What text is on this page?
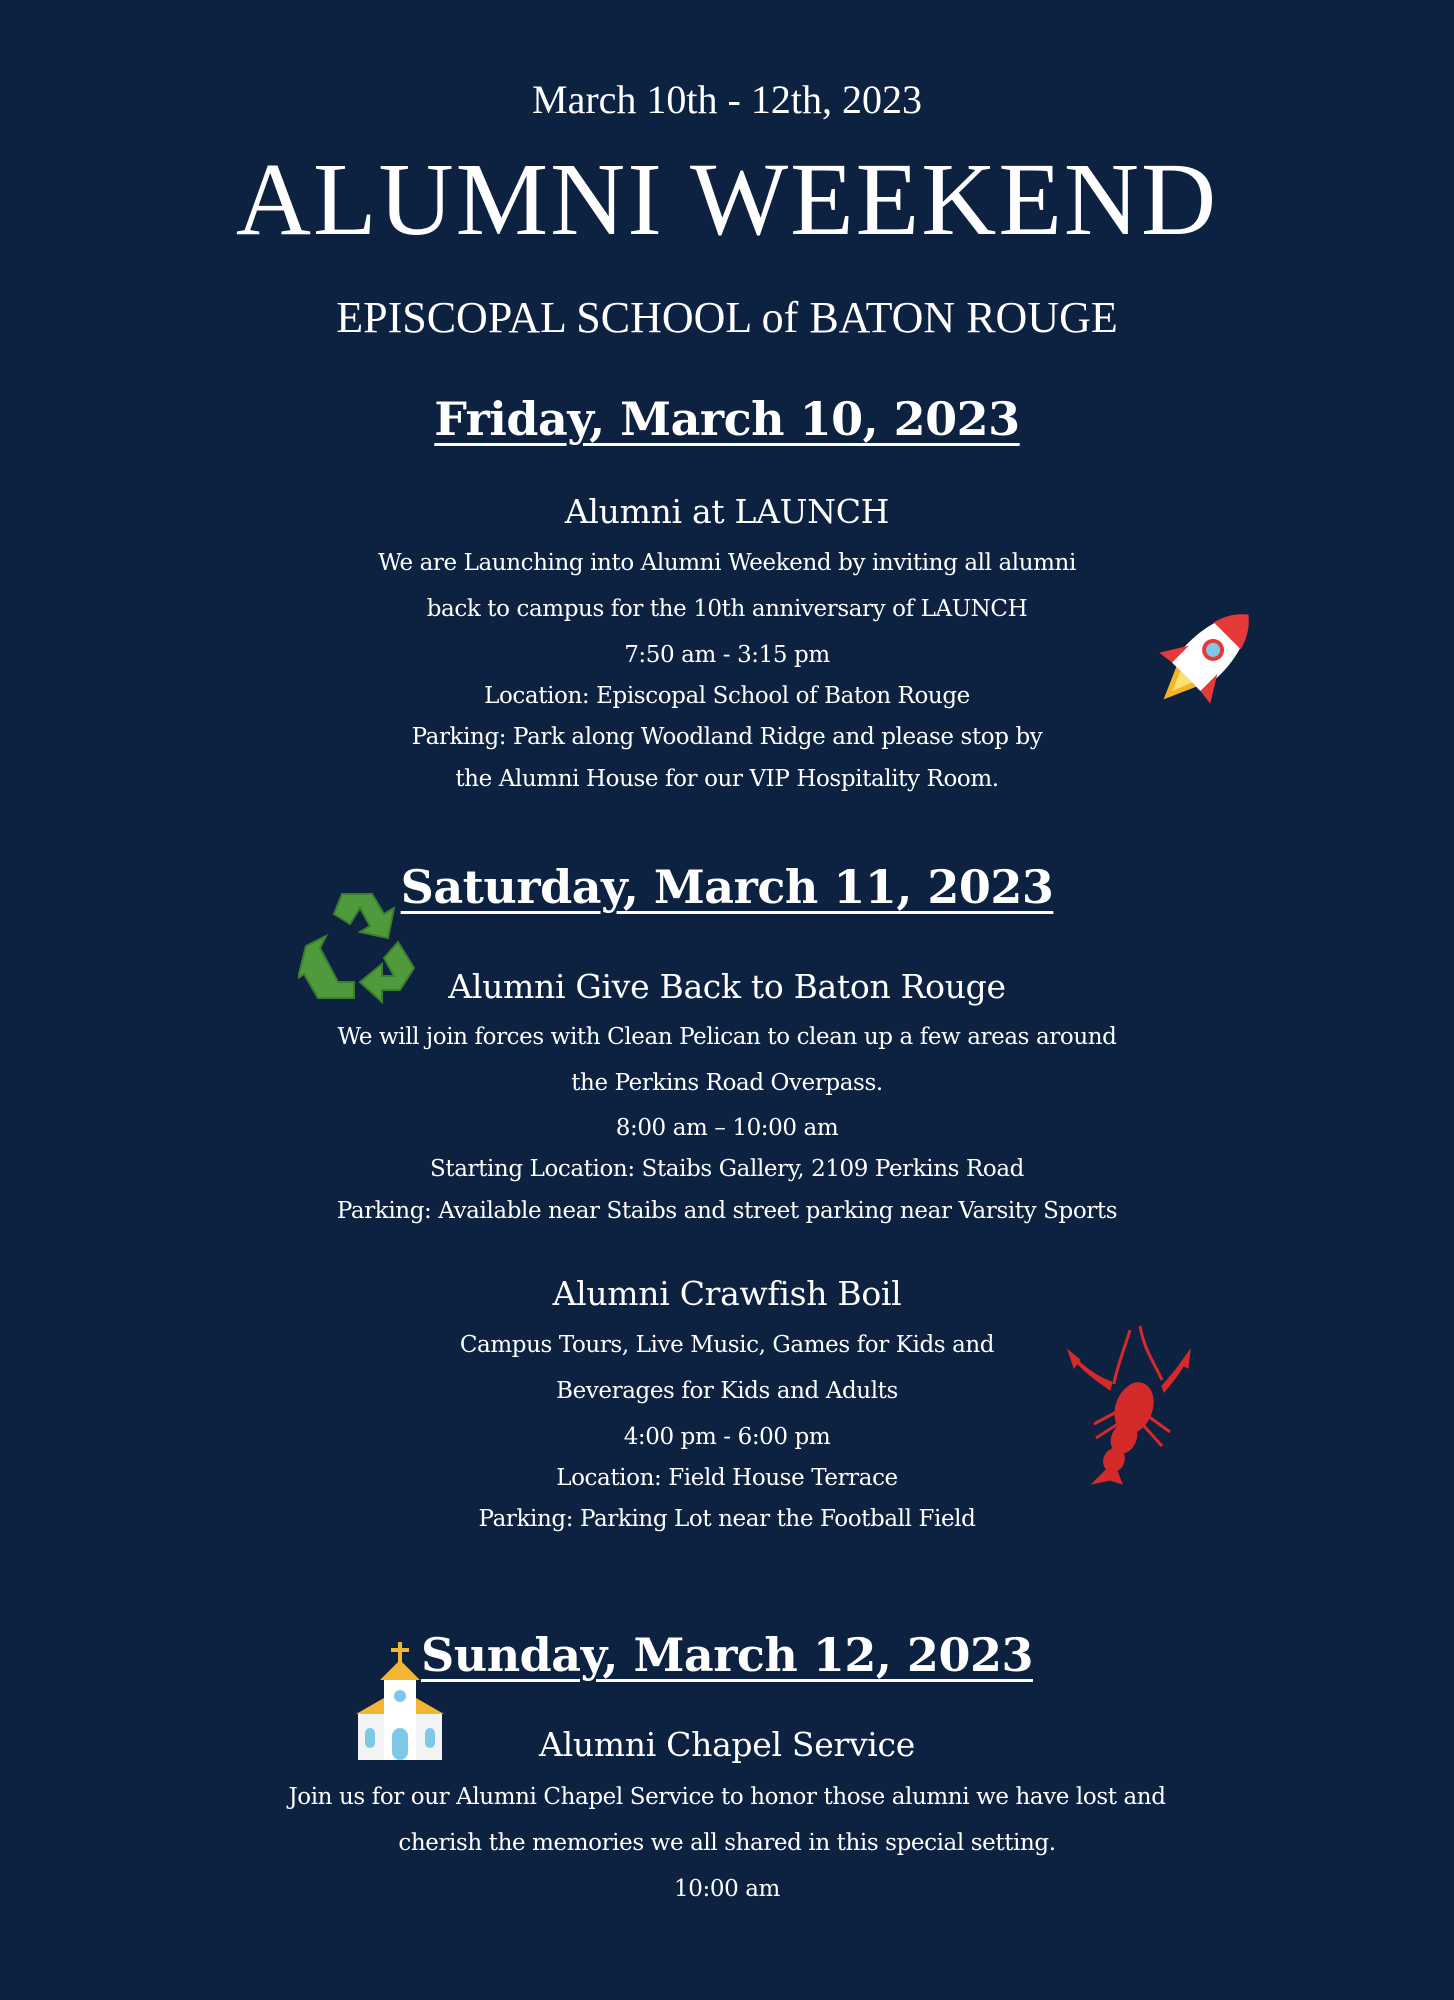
March 10th - 12th, 2023
ALUMNI WEEKEND
EPISCOPAL SCHOOL of BATON ROUGE
Friday, March 10, 2023
Alumni at LAUNCH
We are Launching into Alumni Weekend by inviting all alumni
back to campus for the 10th anniversary of LAUNCH
7:50 am - 3:15 pm
Location: Episcopal School of Baton Rouge
Parking: Park along Woodland Ridge and please stop by
the Alumni House for our VIP Hospitality Room.
Saturday, March 11, 2023
Alumni Give Back to Baton Rouge
We will join forces with Clean Pelican to clean up a few areas around
the Perkins Road Overpass.
8:00 am – 10:00 am
Starting Location: Staibs Gallery, 2109 Perkins Road
Parking: Available near Staibs and street parking near Varsity Sports
Alumni Crawfish Boil
Campus Tours, Live Music, Games for Kids and
Beverages for Kids and Adults
4:00 pm - 6:00 pm
Location: Field House Terrace
Parking: Parking Lot near the Football Field
Sunday, March 12, 2023
Alumni Chapel Service
Join us for our Alumni Chapel Service to honor those alumni we have lost and
cherish the memories we all shared in this special setting.
10:00 am
